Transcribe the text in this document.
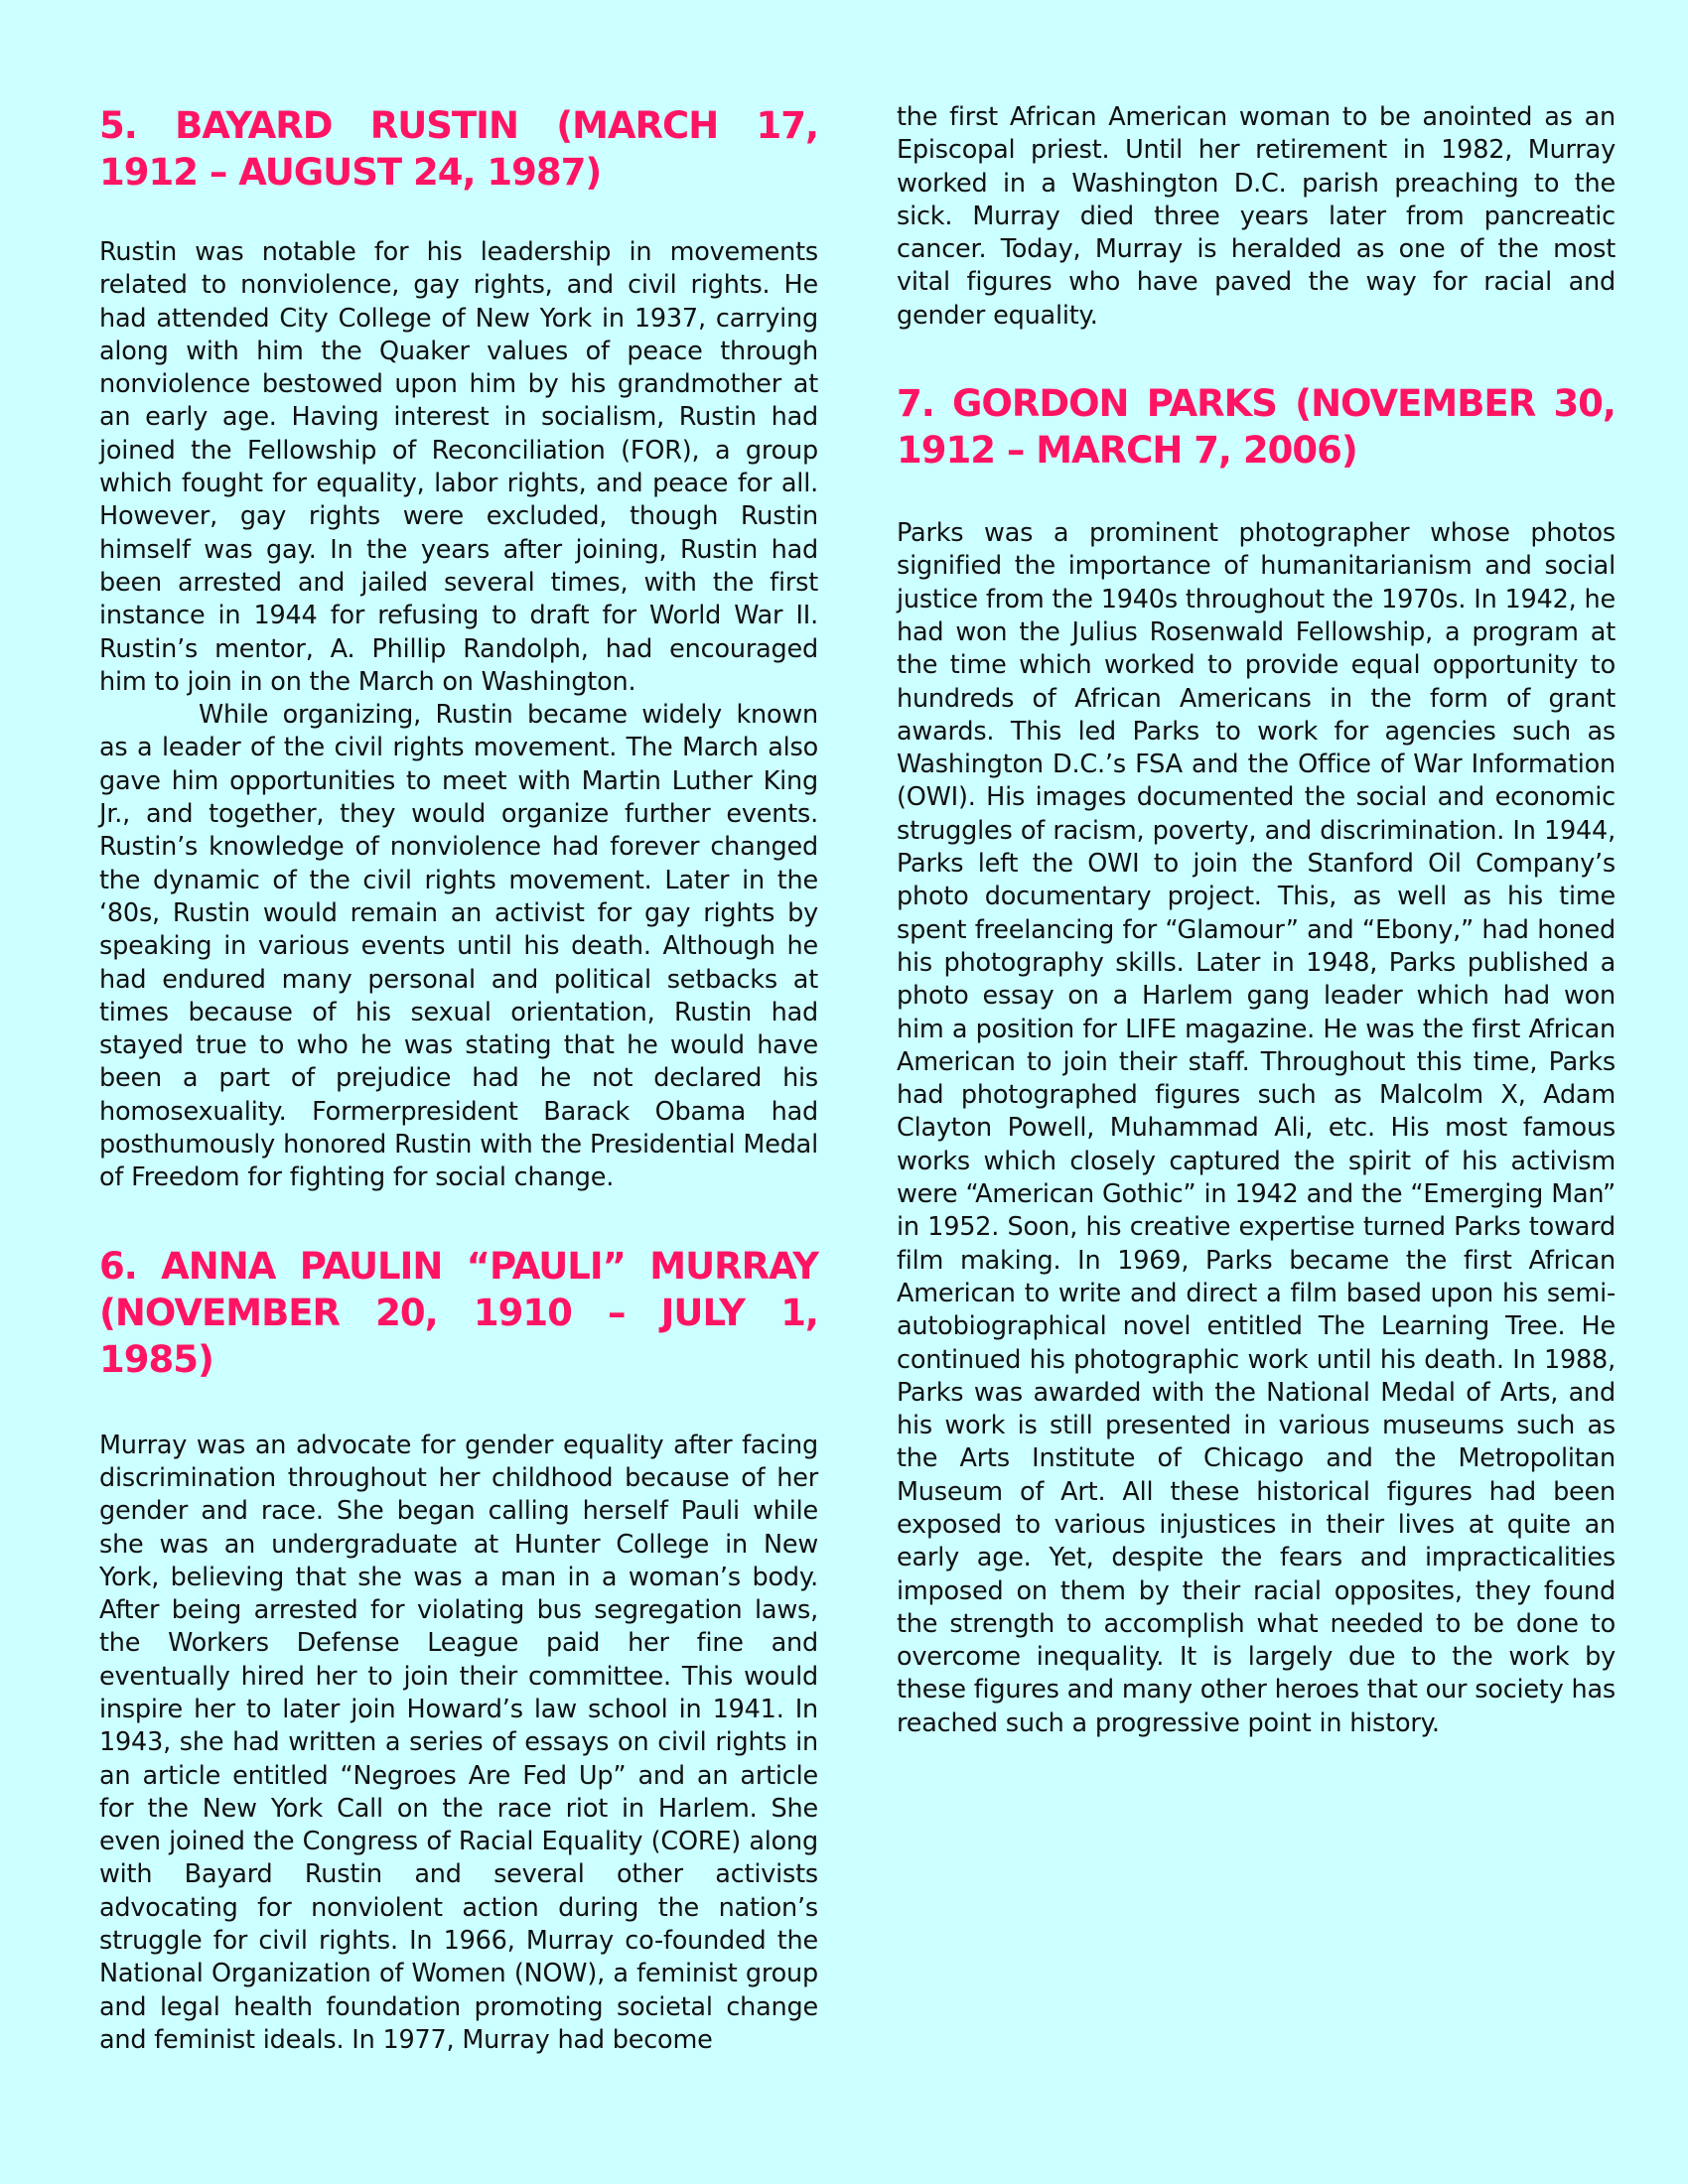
5. BAYARD RUSTIN (MARCH 17, 1912 – AUGUST 24, 1987)

Rustin was notable for his leadership in movements related to nonviolence, gay rights, and civil rights. He had attended City College of New York in 1937, carrying along with him the Quaker values of peace through nonviolence bestowed upon him by his grandmother at an early age. Having interest in socialism, Rustin had joined the Fellowship of Reconciliation (FOR), a group which fought for equality, labor rights, and peace for all. However, gay rights were excluded, though Rustin himself was gay. In the years after joining, Rustin had been arrested and jailed several times, with the first instance in 1944 for refusing to draft for World War II. Rustin’s mentor, A. Phillip Randolph, had encouraged him to join in on the March on Washington.

While organizing, Rustin became widely known as a leader of the civil rights movement. The March also gave him opportunities to meet with Martin Luther King Jr., and together, they would organize further events. Rustin’s knowledge of nonviolence had forever changed the dynamic of the civil rights movement. Later in the ‘80s, Rustin would remain an activist for gay rights by speaking in various events until his death. Although he had endured many personal and political setbacks at times because of his sexual orientation, Rustin had stayed true to who he was stating that he would have been a part of prejudice had he not declared his homosexuality. Formerpresident Barack Obama had posthumously honored Rustin with the Presidential Medal of Freedom for fighting for social change.

6. ANNA PAULIN “PAULI” MURRAY (NOVEMBER 20, 1910 – JULY 1, 1985)

Murray was an advocate for gender equality after facing discrimination throughout her childhood because of her gender and race. She began calling herself Pauli while she was an undergraduate at Hunter College in New York, believing that she was a man in a woman’s body. After being arrested for violating bus segregation laws, the Workers Defense League paid her fine and eventually hired her to join their committee. This would inspire her to later join Howard’s law school in 1941. In 1943, she had written a series of essays on civil rights in an article entitled “Negroes Are Fed Up” and an article for the New York Call on the race riot in Harlem. She even joined the Congress of Racial Equality (CORE) along with Bayard Rustin and several other activists advocating for nonviolent action during the nation’s struggle for civil rights. In 1966, Murray co-founded the National Organization of Women (NOW), a feminist group and legal health foundation promoting societal change and feminist ideals. In 1977, Murray had become

the first African American woman to be anointed as an Episcopal priest. Until her retirement in 1982, Murray worked in a Washington D.C. parish preaching to the sick. Murray died three years later from pancreatic cancer. Today, Murray is heralded as one of the most vital figures who have paved the way for racial and gender equality.

7. GORDON PARKS (NOVEMBER 30, 1912 – MARCH 7, 2006)

Parks was a prominent photographer whose photos signified the importance of humanitarianism and social justice from the 1940s throughout the 1970s. In 1942, he had won the Julius Rosenwald Fellowship, a program at the time which worked to provide equal opportunity to hundreds of African Americans in the form of grant awards. This led Parks to work for agencies such as Washington D.C.’s FSA and the Office of War Information (OWI). His images documented the social and economic struggles of racism, poverty, and discrimination. In 1944, Parks left the OWI to join the Stanford Oil Company’s photo documentary project. This, as well as his time spent freelancing for “Glamour” and “Ebony,” had honed his photography skills. Later in 1948, Parks published a photo essay on a Harlem gang leader which had won him a position for LIFE magazine. He was the first African American to join their staff. Throughout this time, Parks had photographed figures such as Malcolm X, Adam Clayton Powell, Muhammad Ali, etc. His most famous works which closely captured the spirit of his activism were “American Gothic” in 1942 and the “Emerging Man” in 1952. Soon, his creative expertise turned Parks toward film making. In 1969, Parks became the first African American to write and direct a film based upon his semi-autobiographical novel entitled The Learning Tree. He continued his photographic work until his death. In 1988, Parks was awarded with the National Medal of Arts, and his work is still presented in various museums such as the Arts Institute of Chicago and the Metropolitan Museum of Art. All these historical figures had been exposed to various injustices in their lives at quite an early age. Yet, despite the fears and impracticalities imposed on them by their racial opposites, they found the strength to accomplish what needed to be done to overcome inequality. It is largely due to the work by these figures and many other heroes that our society has reached such a progressive point in history.
